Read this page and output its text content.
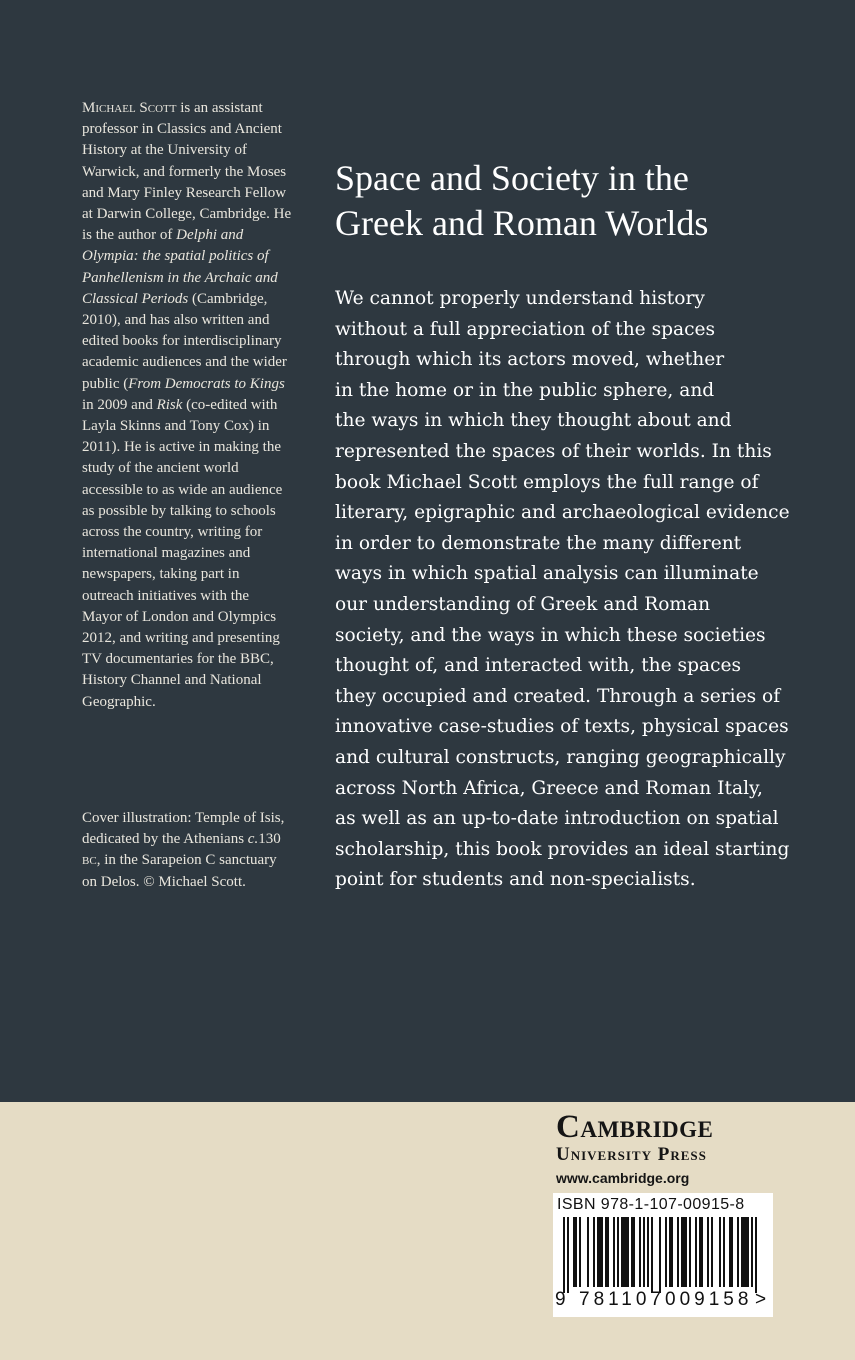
Michael Scott is an assistant professor in Classics and Ancient History at the University of Warwick, and formerly the Moses and Mary Finley Research Fellow at Darwin College, Cambridge. He is the author of Delphi and Olympia: the spatial politics of Panhellenism in the Archaic and Classical Periods (Cambridge, 2010), and has also written and edited books for interdisciplinary academic audiences and the wider public (From Democrats to Kings in 2009 and Risk (co-edited with Layla Skinns and Tony Cox) in 2011). He is active in making the study of the ancient world accessible to as wide an audience as possible by talking to schools across the country, writing for international magazines and newspapers, taking part in outreach initiatives with the Mayor of London and Olympics 2012, and writing and presenting TV documentaries for the BBC, History Channel and National Geographic.

Cover illustration: Temple of Isis, dedicated by the Athenians c.130 bc, in the Sarapeion C sanctuary on Delos. © Michael Scott.

Space and Society in the
Greek and Roman Worlds

We cannot properly understand history
without a full appreciation of the spaces
through which its actors moved, whether
in the home or in the public sphere, and
the ways in which they thought about and
represented the spaces of their worlds. In this
book Michael Scott employs the full range of
literary, epigraphic and archaeological evidence
in order to demonstrate the many different
ways in which spatial analysis can illuminate
our understanding of Greek and Roman
society, and the ways in which these societies
thought of, and interacted with, the spaces
they occupied and created. Through a series of
innovative case-studies of texts, physical spaces
and cultural constructs, ranging geographically
across North Africa, Greece and Roman Italy,
as well as an up-to-date introduction on spatial
scholarship, this book provides an ideal starting
point for students and non-specialists.

Cambridge
University Press
www.cambridge.org
ISBN 978-1-107-00915-8
9 781107 009158 >
